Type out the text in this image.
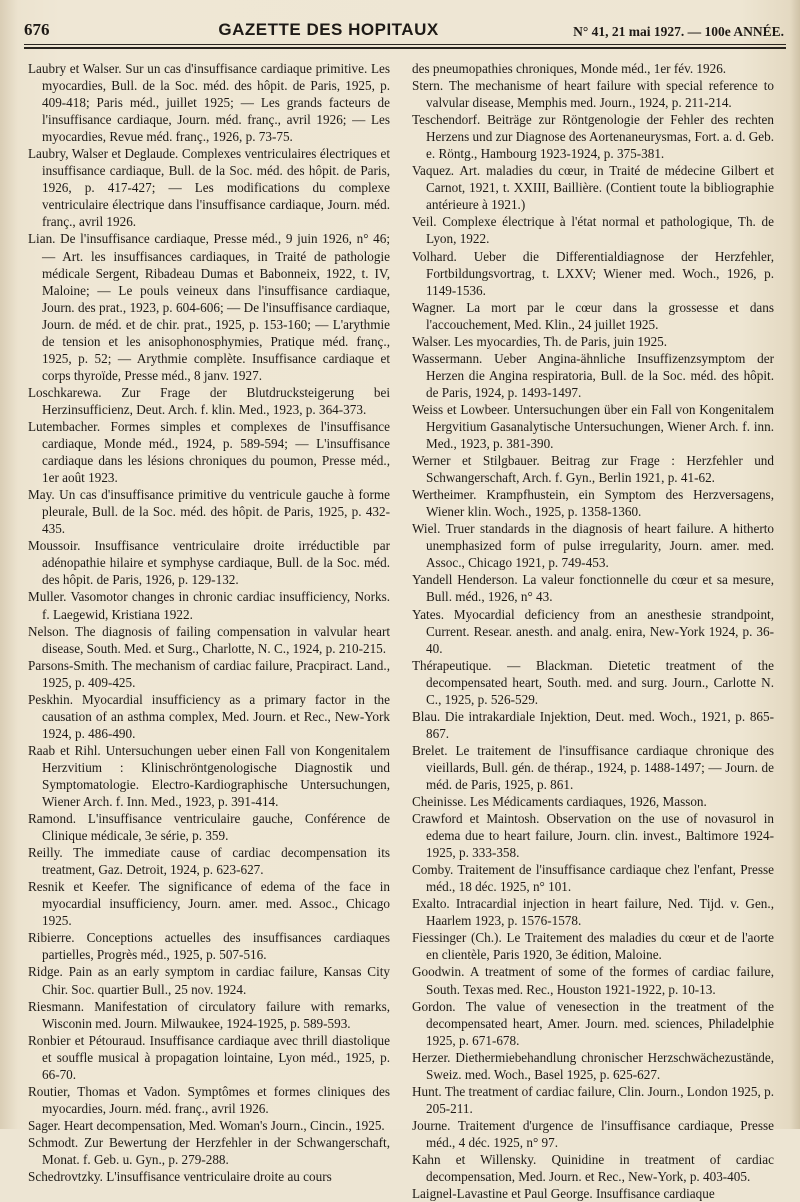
676	GAZETTE DES HOPITAUX	N° 41, 21 mai 1927. — 100e ANNÉE.

Laubry et Walser. Sur un cas d'insuffisance cardiaque primitive. Les myocardies, Bull. de la Soc. méd. des hôpit. de Paris, 1925, p. 409-418; Paris méd., juillet 1925; — Les grands facteurs de l'insuffisance cardiaque, Journ. méd. franç., avril 1926; — Les myocardies, Revue méd. franç., 1926, p. 73-75.

Laubry, Walser et Deglaude. Complexes ventriculaires électriques et insuffisance cardiaque, Bull. de la Soc. méd. des hôpit. de Paris, 1926, p. 417-427; — Les modifications du complexe ventriculaire électrique dans l'insuffisance cardiaque, Journ. méd. franç., avril 1926.

Lian. De l'insuffisance cardiaque, Presse méd., 9 juin 1926, n° 46; — Art. les insuffisances cardiaques, in Traité de pathologie médicale Sergent, Ribadeau Dumas et Babonneix, 1922, t. IV, Maloine; — Le pouls veineux dans l'insuffisance cardiaque, Journ. des prat., 1923, p. 604-606; — De l'insuffisance cardiaque, Journ. de méd. et de chir. prat., 1925, p. 153-160; — L'arythmie de tension et les anisophonosphymies, Pratique méd. franç., 1925, p. 52; — Arythmie complète. Insuffisance cardiaque et corps thyroïde, Presse méd., 8 janv. 1927.

Loschkarewa. Zur Frage der Blutdrucksteigerung bei Herzinsufficienz, Deut. Arch. f. klin. Med., 1923, p. 364-373.

Lutembacher. Formes simples et complexes de l'insuffisance cardiaque, Monde méd., 1924, p. 589-594; — L'insuffisance cardiaque dans les lésions chroniques du poumon, Presse méd., 1er août 1923.

May. Un cas d'insuffisance primitive du ventricule gauche à forme pleurale, Bull. de la Soc. méd. des hôpit. de Paris, 1925, p. 432-435.

Moussoir. Insuffisance ventriculaire droite irréductible par adénopathie hilaire et symphyse cardiaque, Bull. de la Soc. méd. des hôpit. de Paris, 1926, p. 129-132.

Muller. Vasomotor changes in chronic cardiac insufficiency, Norks. f. Laegewid, Kristiana 1922.

Nelson. The diagnosis of failing compensation in valvular heart disease, South. Med. et Surg., Charlotte, N. C., 1924, p. 210-215.

Parsons-Smith. The mechanism of cardiac failure, Pracpiract. Land., 1925, p. 409-425.

Peskhin. Myocardial insufficiency as a primary factor in the causation of an asthma complex, Med. Journ. et Rec., New-York 1924, p. 486-490.

Raab et Rihl. Untersuchungen ueber einen Fall von Kongenitalem Herzvitium : Klinischröntgenologische Diagnostik und Symptomatologie. Electro-Kardiographische Untersuchungen, Wiener Arch. f. Inn. Med., 1923, p. 391-414.

Ramond. L'insuffisance ventriculaire gauche, Conférence de Clinique médicale, 3e série, p. 359.

Reilly. The immediate cause of cardiac decompensation its treatment, Gaz. Detroit, 1924, p. 623-627.

Resnik et Keefer. The significance of edema of the face in myocardial insufficiency, Journ. amer. med. Assoc., Chicago 1925.

Ribierre. Conceptions actuelles des insuffisances cardiaques partielles, Progrès méd., 1925, p. 507-516.

Ridge. Pain as an early symptom in cardiac failure, Kansas City Chir. Soc. quartier Bull., 25 nov. 1924.

Riesmann. Manifestation of circulatory failure with remarks, Wisconin med. Journ. Milwaukee, 1924-1925, p. 589-593.

Ronbier et Pétouraud. Insuffisance cardiaque avec thrill diastolique et souffle musical à propagation lointaine, Lyon méd., 1925, p. 66-70.

Routier, Thomas et Vadon. Symptômes et formes cliniques des myocardies, Journ. méd. franç., avril 1926.

Sager. Heart decompensation, Med. Woman's Journ., Cincin., 1925.

Schmodt. Zur Bewertung der Herzfehler in der Schwangerschaft, Monat. f. Geb. u. Gyn., p. 279-288.

Schedrovtzky. L'insuffisance ventriculaire droite au cours

des pneumopathies chroniques, Monde méd., 1er fév. 1926.

Stern. The mechanisme of heart failure with special reference to valvular disease, Memphis med. Journ., 1924, p. 211-214.

Teschendorf. Beiträge zur Röntgenologie der Fehler des rechten Herzens und zur Diagnose des Aortenaneurysmas, Fort. a. d. Geb. e. Röntg., Hambourg 1923-1924, p. 375-381.

Vaquez. Art. maladies du cœur, in Traité de médecine Gilbert et Carnot, 1921, t. XXIII, Baillière. (Contient toute la bibliographie antérieure à 1921.)

Veil. Complexe électrique à l'état normal et pathologique, Th. de Lyon, 1922.

Volhard. Ueber die Differentialdiagnose der Herzfehler, Fortbildungsvortrag, t. LXXV; Wiener med. Woch., 1926, p. 1149-1536.

Wagner. La mort par le cœur dans la grossesse et dans l'accouchement, Med. Klin., 24 juillet 1925.

Walser. Les myocardies, Th. de Paris, juin 1925.

Wassermann. Ueber Angina-ähnliche Insuffizenzsymptom der Herzen die Angina respiratoria, Bull. de la Soc. méd. des hôpit. de Paris, 1924, p. 1493-1497.

Weiss et Lowbeer. Untersuchungen über ein Fall von Kongenitalem Hergvitium Gasanalytische Untersuchungen, Wiener Arch. f. inn. Med., 1923, p. 381-390.

Werner et Stilgbauer. Beitrag zur Frage : Herzfehler und Schwangerschaft, Arch. f. Gyn., Berlin 1921, p. 41-62.

Wertheimer. Krampfhustein, ein Symptom des Herzversagens, Wiener klin. Woch., 1925, p. 1358-1360.

Wiel. Truer standards in the diagnosis of heart failure. A hitherto unemphasized form of pulse irregularity, Journ. amer. med. Assoc., Chicago 1921, p. 749-453.

Yandell Henderson. La valeur fonctionnelle du cœur et sa mesure, Bull. méd., 1926, n° 43.

Yates. Myocardial deficiency from an anesthesie strandpoint, Current. Resear. anesth. and analg. enira, New-York 1924, p. 36-40.

Thérapeutique. — Blackman. Dietetic treatment of the decompensated heart, South. med. and surg. Journ., Carlotte N. C., 1925, p. 526-529.

Blau. Die intrakardiale Injektion, Deut. med. Woch., 1921, p. 865-867.

Brelet. Le traitement de l'insuffisance cardiaque chronique des vieillards, Bull. gén. de thérap., 1924, p. 1488-1497; — Journ. de méd. de Paris, 1925, p. 861.

Cheinisse. Les Médicaments cardiaques, 1926, Masson.

Crawford et Maintosh. Observation on the use of novasurol in edema due to heart failure, Journ. clin. invest., Baltimore 1924-1925, p. 333-358.

Comby. Traitement de l'insuffisance cardiaque chez l'enfant, Presse méd., 18 déc. 1925, n° 101.

Exalto. Intracardial injection in heart failure, Ned. Tijd. v. Gen., Haarlem 1923, p. 1576-1578.

Fiessinger (Ch.). Le Traitement des maladies du cœur et de l'aorte en clientèle, Paris 1920, 3e édition, Maloine.

Goodwin. A treatment of some of the formes of cardiac failure, South. Texas med. Rec., Houston 1921-1922, p. 10-13.

Gordon. The value of venesection in the treatment of the decompensated heart, Amer. Journ. med. sciences, Philadelphie 1925, p. 671-678.

Herzer. Diethermiebehandlung chronischer Herzschwächezustände, Sweiz. med. Woch., Basel 1925, p. 625-627.

Hunt. The treatment of cardiac failure, Clin. Journ., London 1925, p. 205-211.

Journe. Traitement d'urgence de l'insuffisance cardiaque, Presse méd., 4 déc. 1925, n° 97.

Kahn et Willensky. Quinidine in treatment of cardiac decompensation, Med. Journ. et Rec., New-York, p. 403-405.

Laignel-Lavastine et Paul George. Insuffisance cardiaque
